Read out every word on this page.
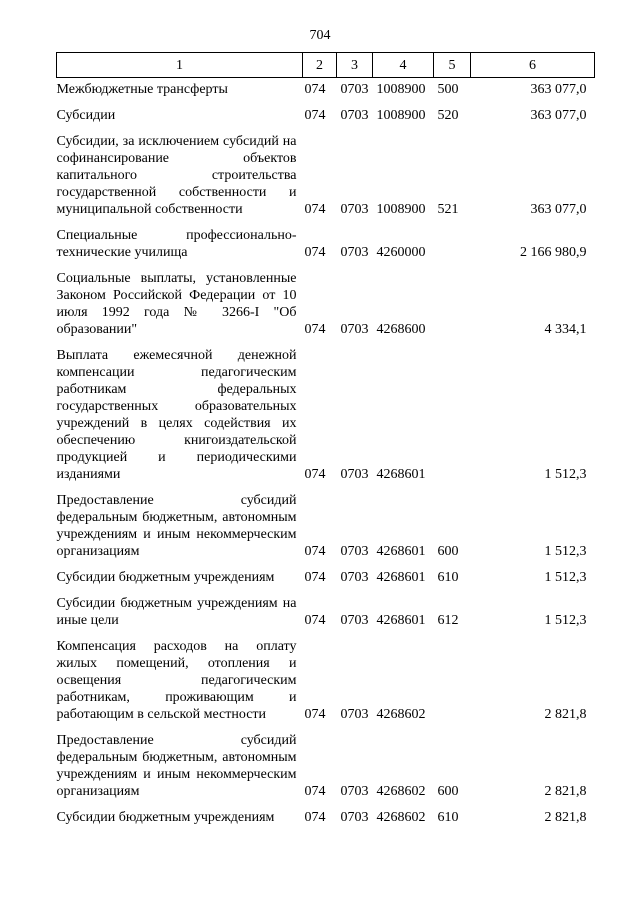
704
1	2	3	4	5	6
Межбюджетные трансферты	074	0703	1008900	500	363 077,0
Субсидии	074	0703	1008900	520	363 077,0
Субсидии, за исключением субсидий на софинансирование объектов капитального строительства государственной собственности и муниципальной собственности	074	0703	1008900	521	363 077,0
Специальные профессионально-технические училища	074	0703	4260000		2 166 980,9
Социальные выплаты, установленные Законом Российской Федерации от 10 июля 1992 года № 3266-I "Об образовании"	074	0703	4268600		4 334,1
Выплата ежемесячной денежной компенсации педагогическим работникам федеральных государственных образовательных учреждений в целях содействия их обеспечению книгоиздательской продукцией и периодическими изданиями	074	0703	4268601		1 512,3
Предоставление субсидий федеральным бюджетным, автономным учреждениям и иным некоммерческим организациям	074	0703	4268601	600	1 512,3
Субсидии бюджетным учреждениям	074	0703	4268601	610	1 512,3
Субсидии бюджетным учреждениям на иные цели	074	0703	4268601	612	1 512,3
Компенсация расходов на оплату жилых помещений, отопления и освещения педагогическим работникам, проживающим и работающим в сельской местности	074	0703	4268602		2 821,8
Предоставление субсидий федеральным бюджетным, автономным учреждениям и иным некоммерческим организациям	074	0703	4268602	600	2 821,8
Субсидии бюджетным учреждениям	074	0703	4268602	610	2 821,8
